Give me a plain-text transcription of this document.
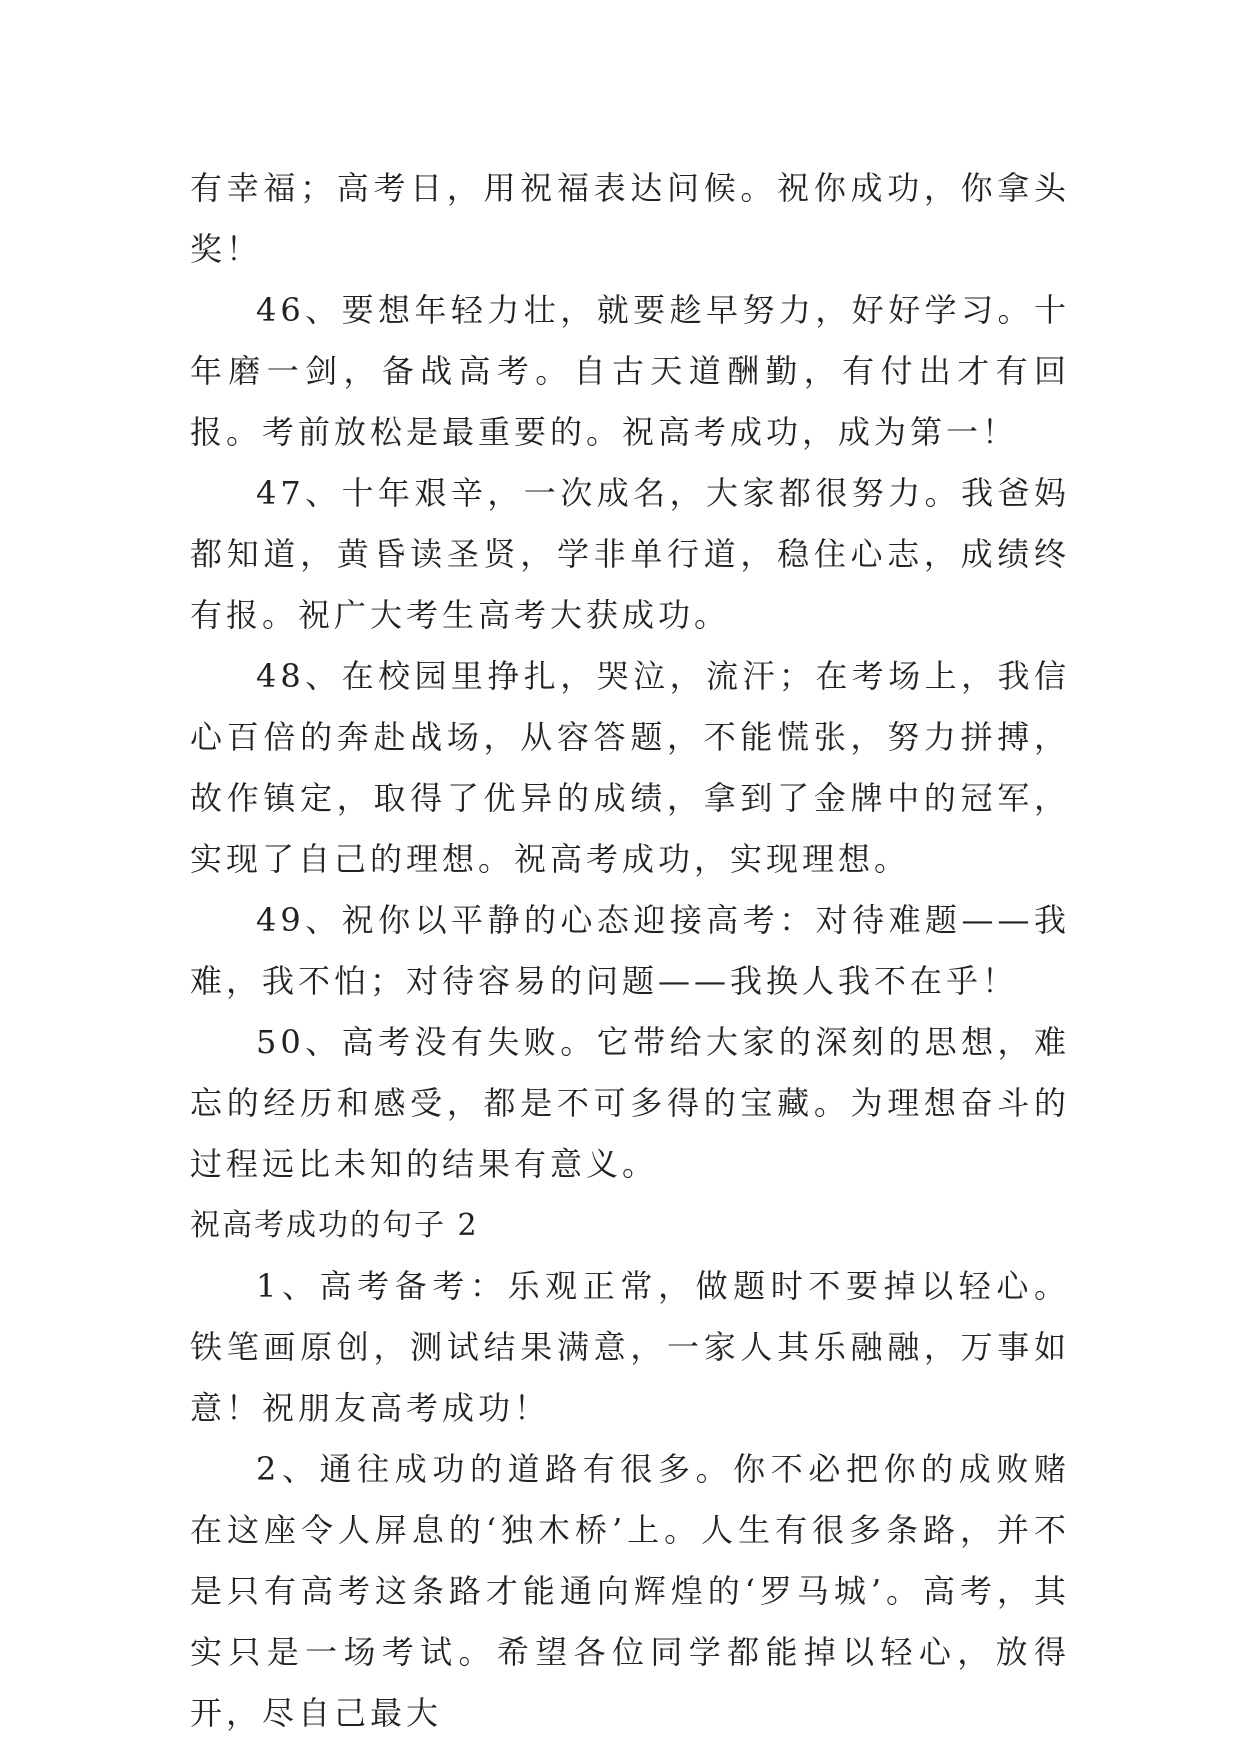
有幸福；高考日，用祝福表达问候。祝你成功，你拿头奖！

46、要想年轻力壮，就要趁早努力，好好学习。十年磨一剑，备战高考。自古天道酬勤，有付出才有回报。考前放松是最重要的。祝高考成功，成为第一！

47、十年艰辛，一次成名，大家都很努力。我爸妈都知道，黄昏读圣贤，学非单行道，稳住心志，成绩终有报。祝广大考生高考大获成功。

48、在校园里挣扎，哭泣，流汗；在考场上，我信心百倍的奔赴战场，从容答题，不能慌张，努力拼搏，故作镇定，取得了优异的成绩，拿到了金牌中的冠军，实现了自己的理想。祝高考成功，实现理想。

49、祝你以平静的心态迎接高考：对待难题——我难，我不怕；对待容易的问题——我换人我不在乎！

50、高考没有失败。它带给大家的深刻的思想，难忘的经历和感受，都是不可多得的宝藏。为理想奋斗的过程远比未知的结果有意义。

祝高考成功的句子 2

1、高考备考：乐观正常，做题时不要掉以轻心。铁笔画原创，测试结果满意，一家人其乐融融，万事如意！祝朋友高考成功！

2、通往成功的道路有很多。你不必把你的成败赌在这座令人屏息的‘独木桥’上。人生有很多条路，并不是只有高考这条路才能通向辉煌的‘罗马城’。高考，其实只是一场考试。希望各位同学都能掉以轻心，放得开，尽自己最大
